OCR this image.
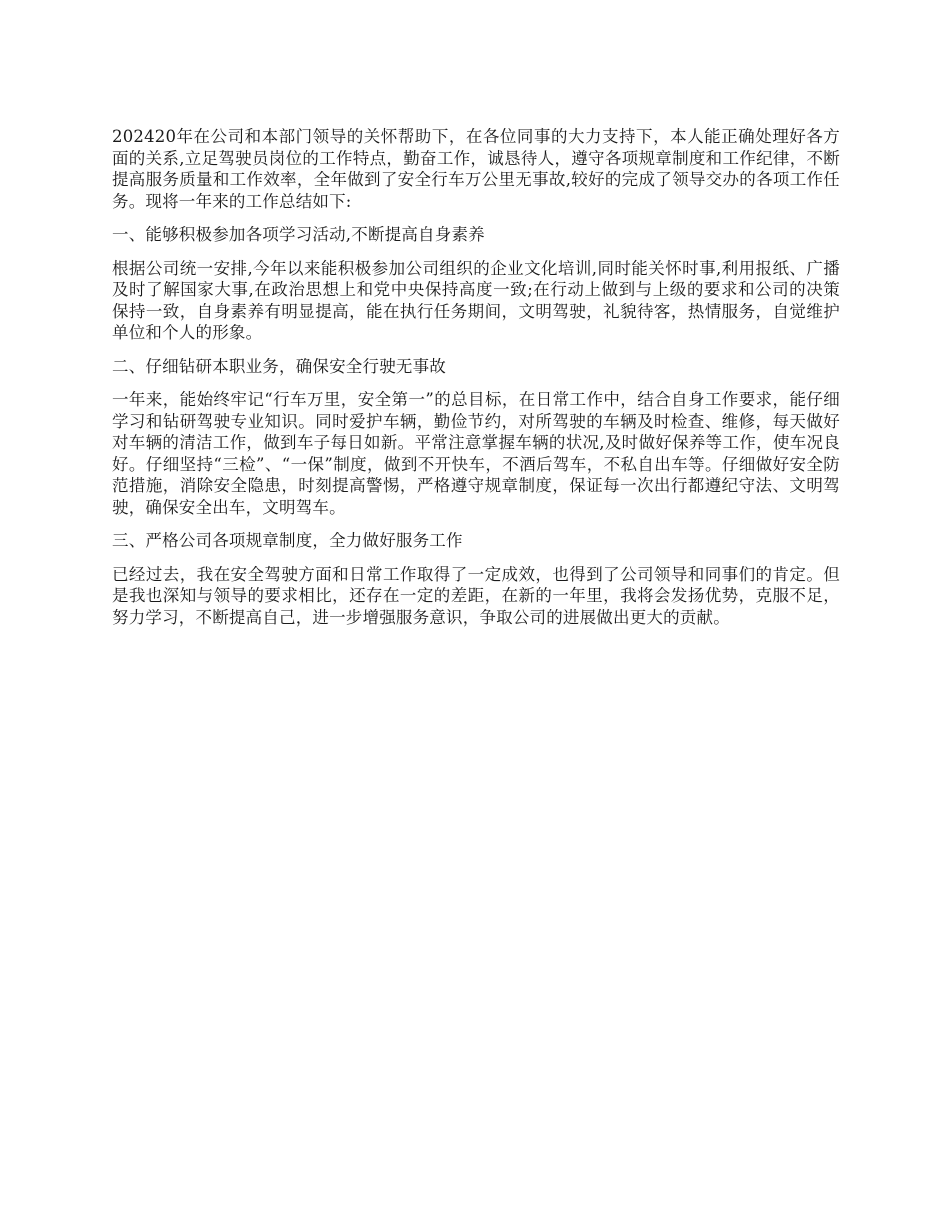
202420年在公司和本部门领导的关怀帮助下，在各位同事的大力支持下，本人能正确处理好各方面的关系,立足驾驶员岗位的工作特点，勤奋工作，诚恳待人，遵守各项规章制度和工作纪律，不断提高服务质量和工作效率，全年做到了安全行车万公里无事故,较好的完成了领导交办的各项工作任务。现将一年来的工作总结如下:

一、能够积极参加各项学习活动,不断提高自身素养

根据公司统一安排,今年以来能积极参加公司组织的企业文化培训,同时能关怀时事,利用报纸、广播及时了解国家大事,在政治思想上和党中央保持高度一致;在行动上做到与上级的要求和公司的决策保持一致，自身素养有明显提高，能在执行任务期间，文明驾驶，礼貌待客，热情服务，自觉维护单位和个人的形象。

二、仔细钻研本职业务，确保安全行驶无事故

一年来，能始终牢记“行车万里，安全第一”的总目标，在日常工作中，结合自身工作要求，能仔细学习和钻研驾驶专业知识。同时爱护车辆，勤俭节约，对所驾驶的车辆及时检查、维修，每天做好对车辆的清洁工作，做到车子每日如新。平常注意掌握车辆的状况,及时做好保养等工作，使车况良好。仔细坚持“三检”、“一保”制度，做到不开快车，不酒后驾车，不私自出车等。仔细做好安全防范措施，消除安全隐患，时刻提高警惕，严格遵守规章制度，保证每一次出行都遵纪守法、文明驾驶，确保安全出车，文明驾车。

三、严格公司各项规章制度，全力做好服务工作

已经过去，我在安全驾驶方面和日常工作取得了一定成效，也得到了公司领导和同事们的肯定。但是我也深知与领导的要求相比，还存在一定的差距，在新的一年里，我将会发扬优势，克服不足，努力学习，不断提高自己，进一步增强服务意识，争取公司的进展做出更大的贡献。
